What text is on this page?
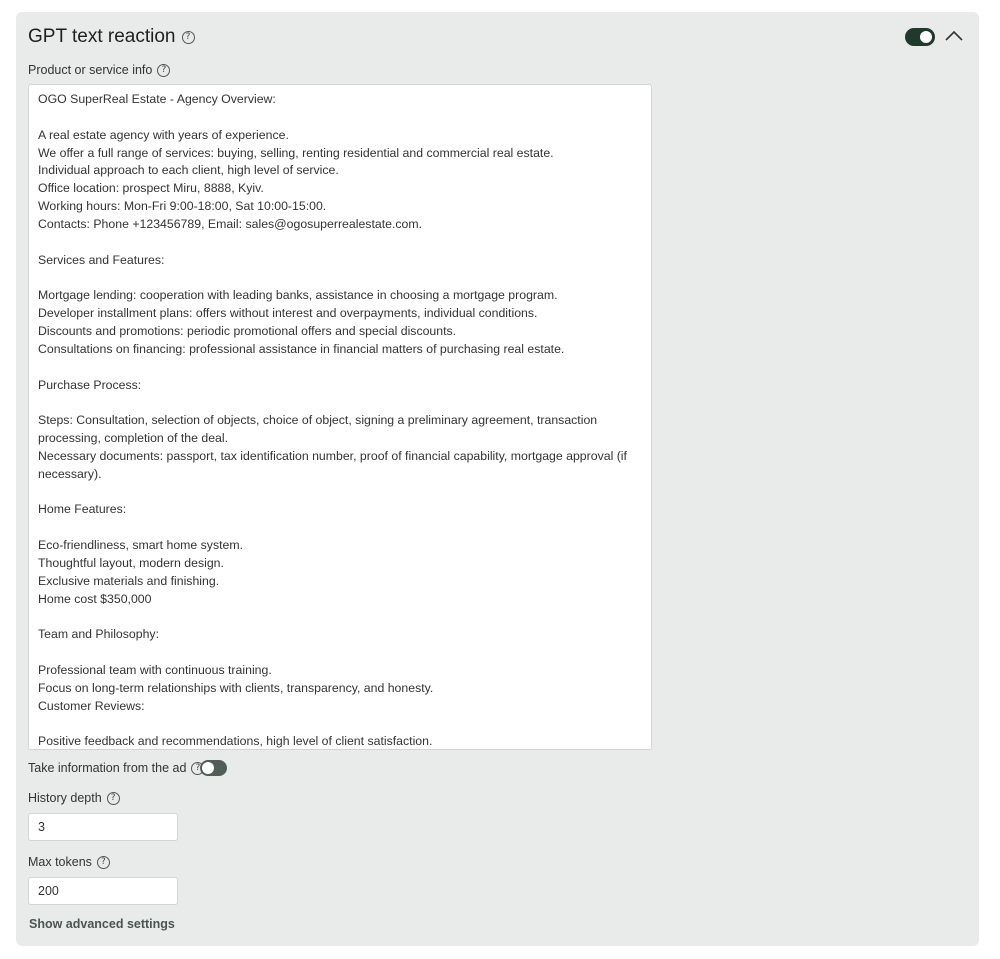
GPT text reaction	?
Product or service info	?
OGO SuperReal Estate - Agency Overview:

A real estate agency with years of experience.
We offer a full range of services: buying, selling, renting residential and commercial real estate.
Individual approach to each client, high level of service.
Office location: prospect Miru, 8888, Kyiv.
Working hours: Mon-Fri 9:00-18:00, Sat 10:00-15:00.
Contacts: Phone +123456789, Email: sales@ogosuperrealestate.com.

Services and Features:

Mortgage lending: cooperation with leading banks, assistance in choosing a mortgage program.
Developer installment plans: offers without interest and overpayments, individual conditions.
Discounts and promotions: periodic promotional offers and special discounts.
Consultations on financing: professional assistance in financial matters of purchasing real estate.

Purchase Process:

Steps: Consultation, selection of objects, choice of object, signing a preliminary agreement, transaction processing, completion of the deal.
Necessary documents: passport, tax identification number, proof of financial capability, mortgage approval (if necessary).

Home Features:

Eco-friendliness, smart home system.
Thoughtful layout, modern design.
Exclusive materials and finishing.
Home cost $350,000

Team and Philosophy:

Professional team with continuous training.
Focus on long-term relationships with clients, transparency, and honesty.
Customer Reviews:

Positive feedback and recommendations, high level of client satisfaction.
Take information from the ad	?
History depth	?
3
Max tokens	?
200
Show advanced settings
